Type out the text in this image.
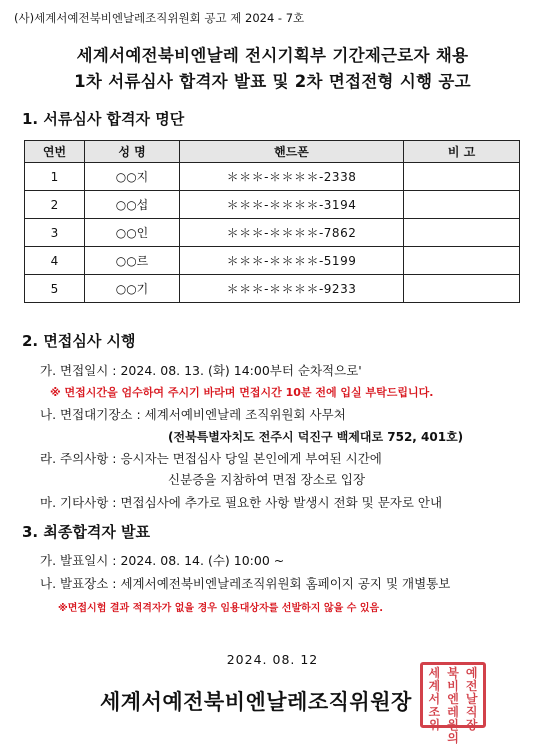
(사)세계서예전북비엔날레조직위원회 공고 제 2024 - 7호
세계서예전북비엔날레 전시기획부 기간제근로자 채용
1차 서류심사 합격자 발표 및 2차 면접전형 시행 공고
1. 서류심사 합격자 명단
연번	성 명	핸드폰	비 고
1	○○지	＊＊＊-＊＊＊＊-2338	
2	○○섭	＊＊＊-＊＊＊＊-3194	
3	○○인	＊＊＊-＊＊＊＊-7862	
4	○○르	＊＊＊-＊＊＊＊-5199	
5	○○기	＊＊＊-＊＊＊＊-9233	
2. 면접심사 시행
가. 면접일시 : 2024. 08. 13. (화) 14:00부터 순차적으로'
※ 면접시간을 엄수하여 주시기 바라며 면접시간 10분 전에 입실 부탁드립니다.
나. 면접대기장소 : 세계서예비엔날레 조직위원회 사무처
(전북특별자치도 전주시 덕진구 백제대로 752, 401호)
라. 주의사항 : 응시자는 면접심사 당일 본인에게 부여된 시간에
신분증을 지참하여 면접 장소로 입장
마. 기타사항 : 면접심사에 추가로 필요한 사항 발생시 전화 및 문자로 안내
3. 최종합격자 발표
가. 발표일시 : 2024. 08. 14. (수) 10:00 ~
나. 발표장소 : 세계서예전북비엔날레조직위원회 홈페이지 공지 및 개별통보
※면접시험 결과 적격자가 없을 경우 임용대상자를 선발하지 않을 수 있음.
2024. 08. 12
세계서예전북비엔날레조직위원장
세 북 예
계 비 전
서 엔 날
조 레 직
위 원 장
의
